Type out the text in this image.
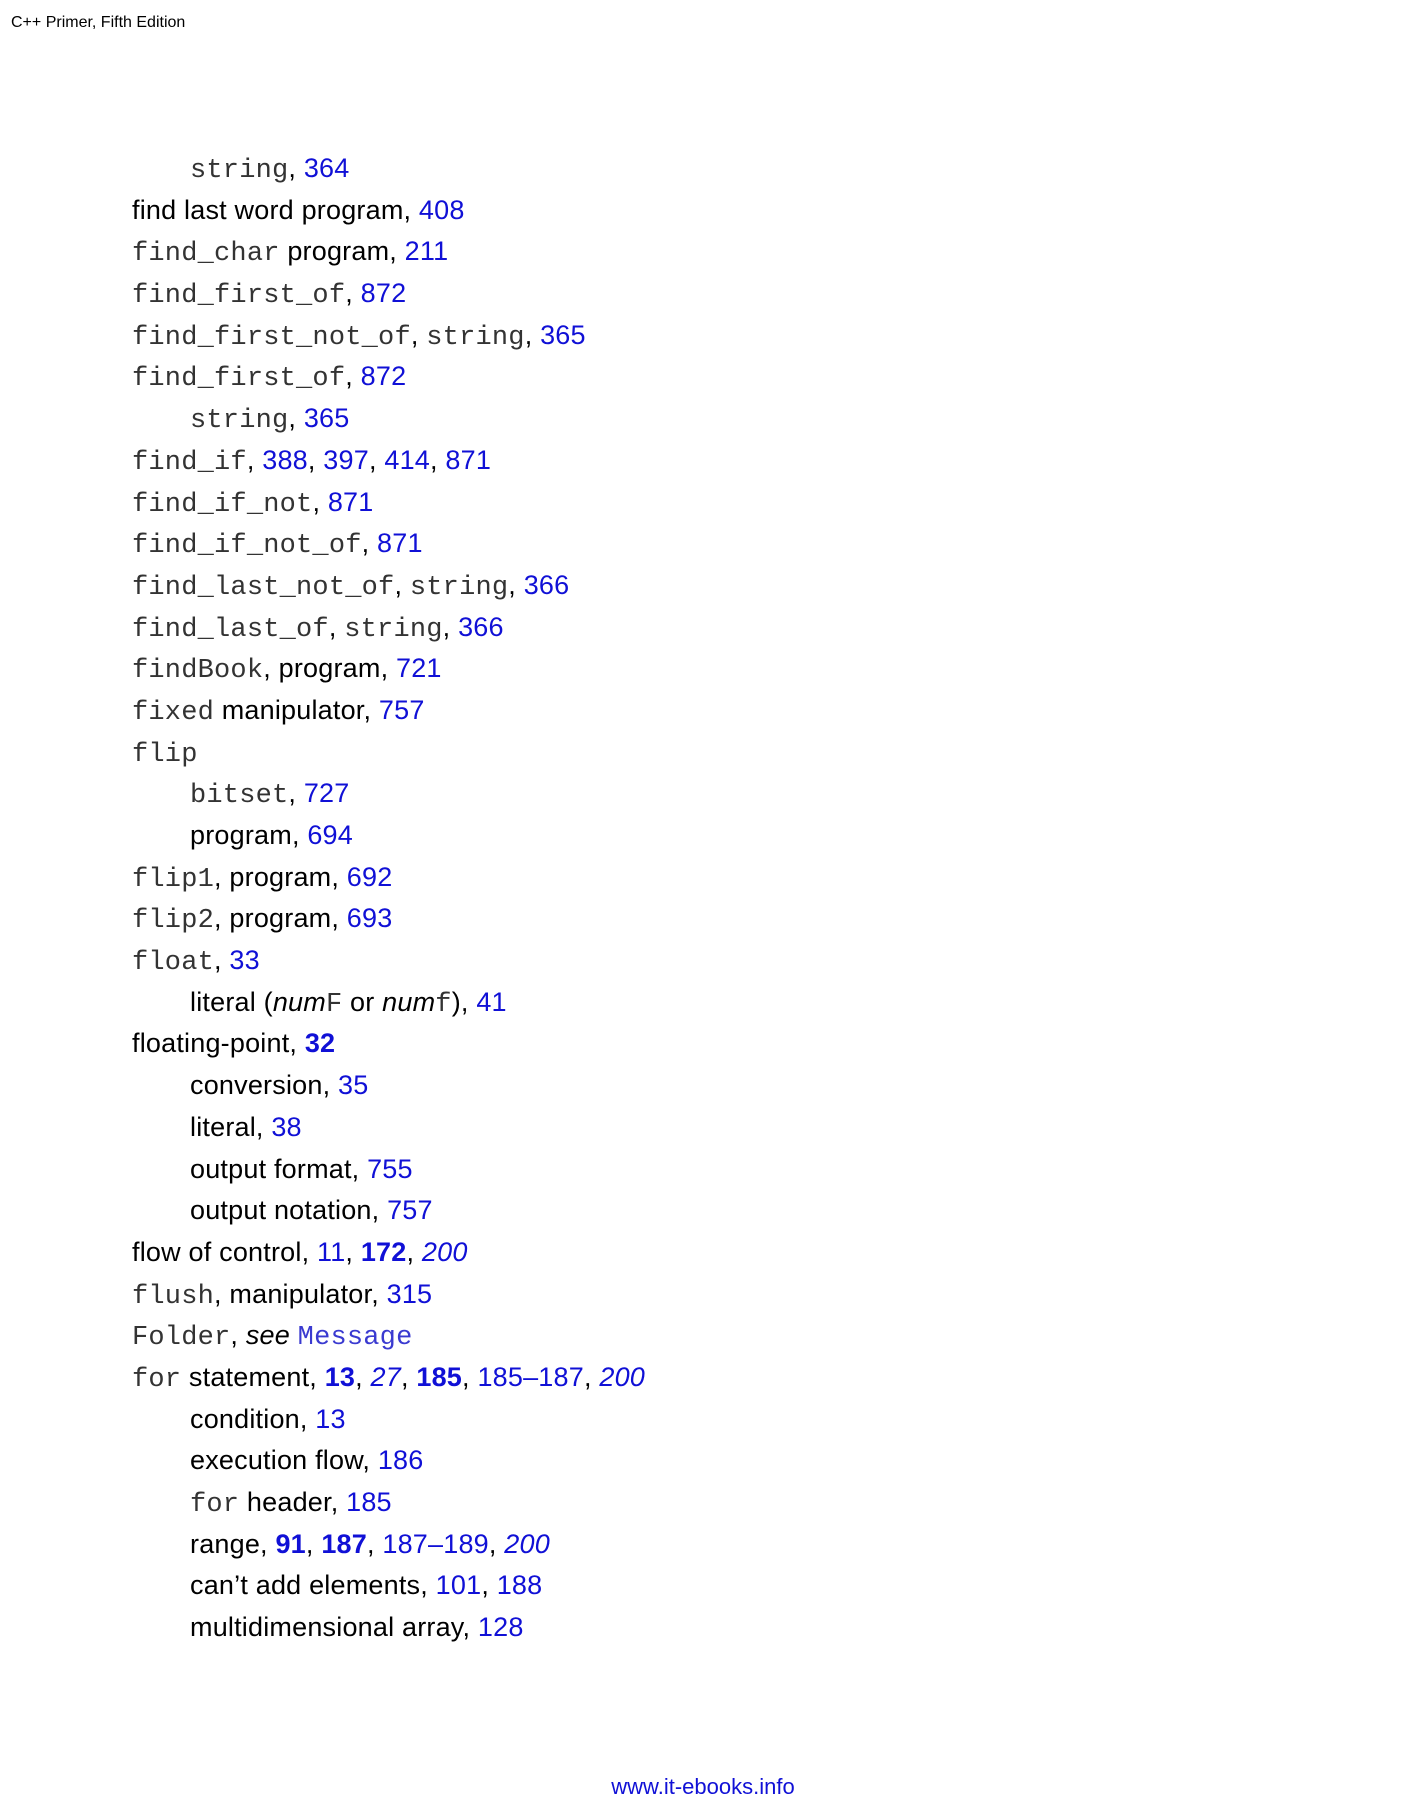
C++ Primer, Fifth Edition
string, 364
find last word program, 408
find_char program, 211
find_first_of, 872
find_first_not_of, string, 365
find_first_of, 872
string, 365
find_if, 388, 397, 414, 871
find_if_not, 871
find_if_not_of, 871
find_last_not_of, string, 366
find_last_of, string, 366
findBook, program, 721
fixed manipulator, 757
flip
bitset, 727
program, 694
flip1, program, 692
flip2, program, 693
float, 33
literal (numF or numf), 41
floating-point, 32
conversion, 35
literal, 38
output format, 755
output notation, 757
flow of control, 11, 172, 200
flush, manipulator, 315
Folder, see Message
for statement, 13, 27, 185, 185–187, 200
condition, 13
execution flow, 186
for header, 185
range, 91, 187, 187–189, 200
can’t add elements, 101, 188
multidimensional array, 128
www.it-ebooks.info
